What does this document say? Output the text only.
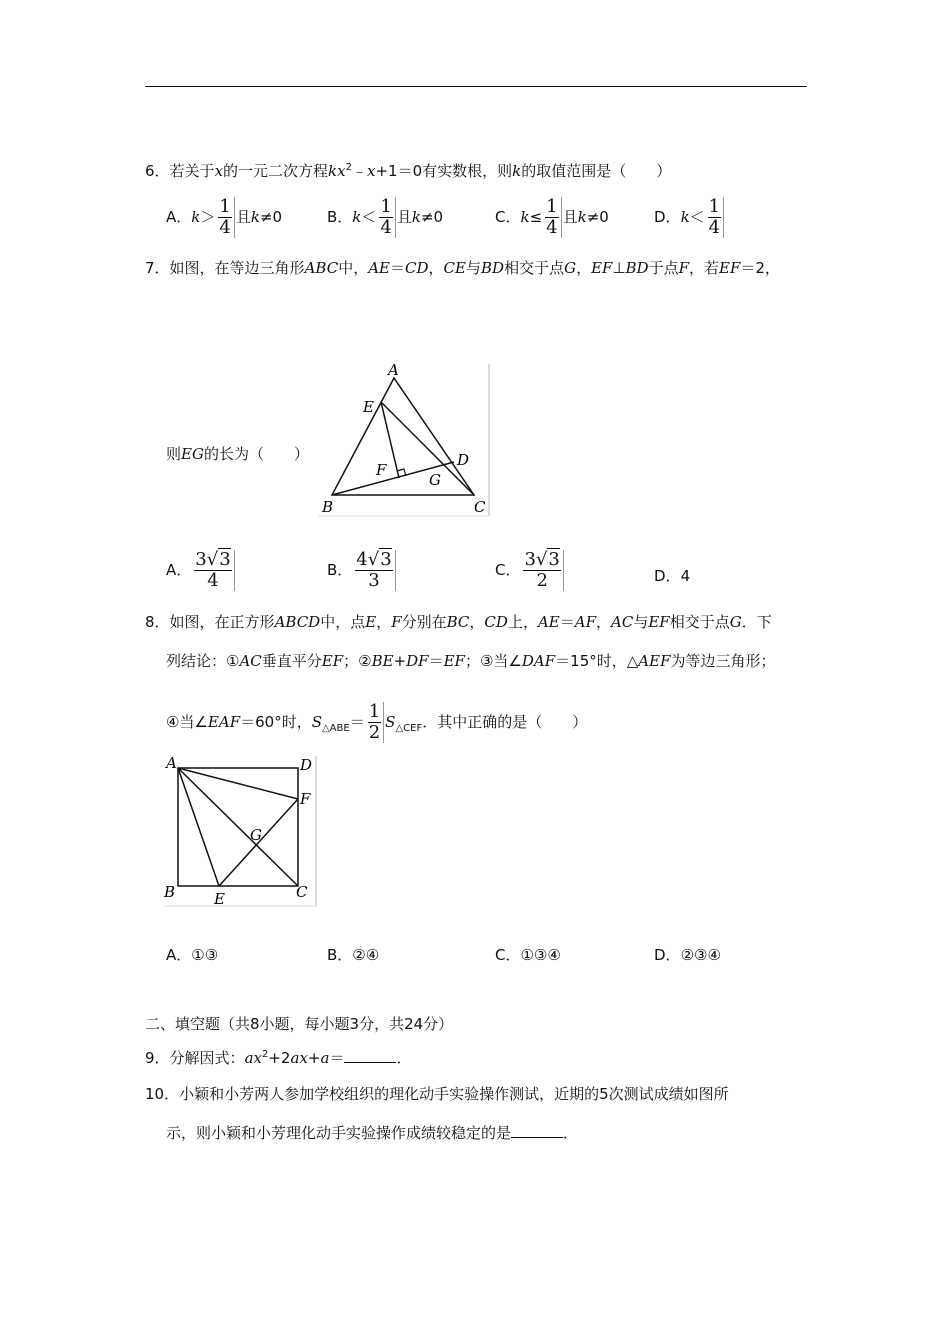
6．若关于x的一元二次方程$kx^2﹣x+1=0$有实数根，则k的取值范围是（　　）
A．$k> \frac{1}{4}$ 且k≠0	B．$k< \frac{1}{4}$ 且k≠0	C．$k\le \frac{1}{4}$ 且k≠0	D．$k< \frac{1}{4}$
7．如图，在等边三角形ABC中，AE＝CD，CE与BD相交于点G，EF⊥BD于点F，若EF＝2，
则EG的长为（　　）
A
E
F
D
G
B	C
A． $\frac{3√3}{4}$	B． $\frac{4√3}{3}$	C． $\frac{3√3}{2}$	D．4
8．如图，在正方形ABCD中，点E，F分别在BC，CD上，AE＝AF，AC与EF相交于点G．下
列结论：①AC垂直平分EF；②BE+DF＝EF；③当∠DAF＝15°时，△AEF为等边三角形；
④当∠EAF＝60°时，$S_{\triangle ABE}= \frac{1}{2} S_{\triangle CEF}$．其中正确的是（　　）
A	D
F
G
B	E	C
A．①③	B．②④	C．①③④	D．②③④
二、填空题（共8小题，每小题3分，共24分）
9．分解因式：$ax^2+2ax+a=$	．
10．小颖和小芳两人参加学校组织的理化动手实验操作测试，近期的5次测试成绩如图所
示，则小颖和小芳理化动手实验操作成绩较稳定的是	．
